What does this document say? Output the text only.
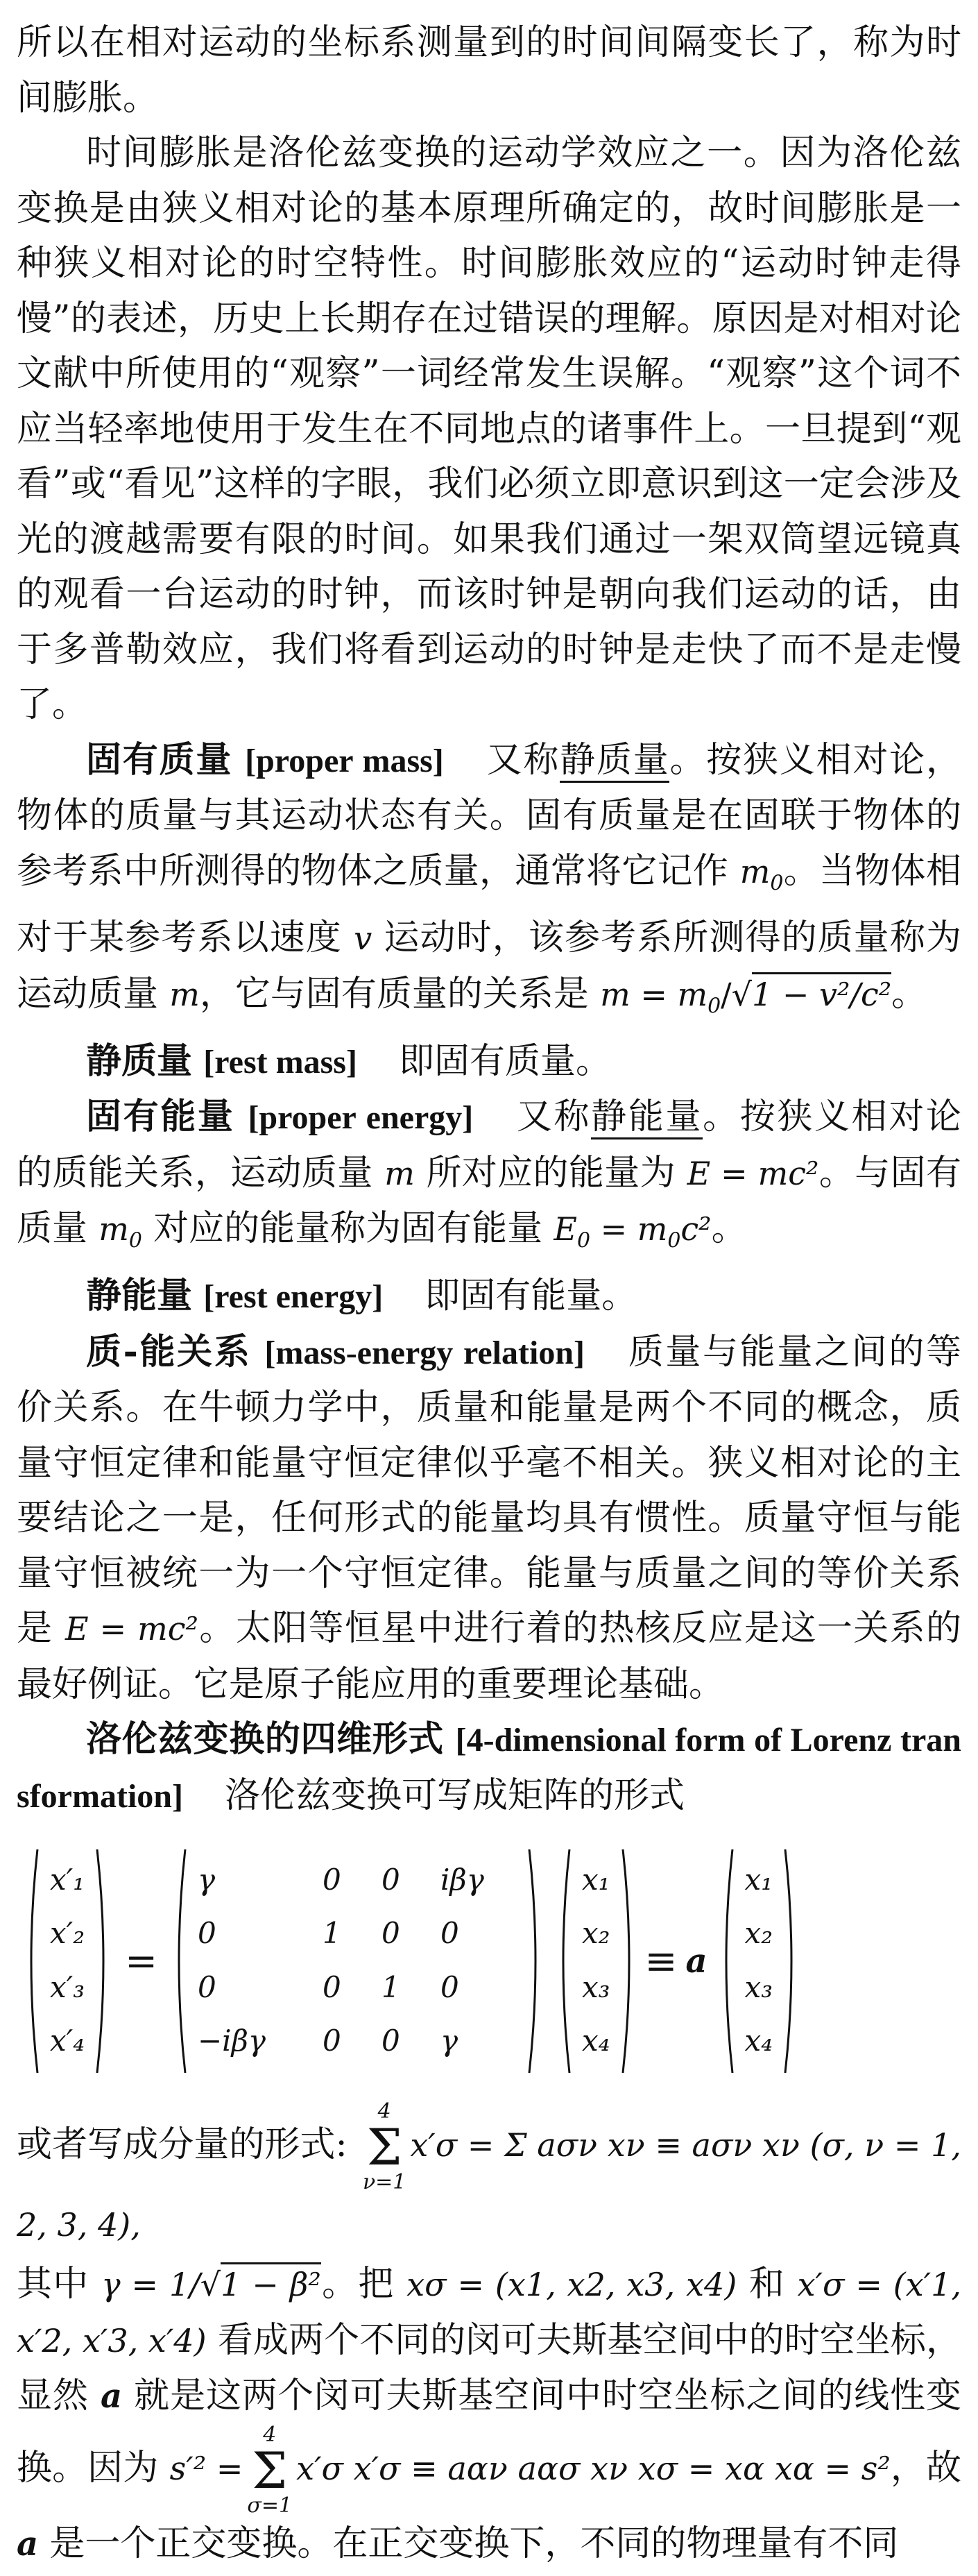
所以在相对运动的坐标系测量到的时间间隔变长了，称为时间膨胀。

时间膨胀是洛伦兹变换的运动学效应之一。因为洛伦兹变换是由狭义相对论的基本原理所确定的，故时间膨胀是一种狭义相对论的时空特性。时间膨胀效应的“运动时钟走得慢”的表述，历史上长期存在过错误的理解。原因是对相对论文献中所使用的“观察”一词经常发生误解。“观察”这个词不应当轻率地使用于发生在不同地点的诸事件上。一旦提到“观看”或“看见”这样的字眼，我们必须立即意识到这一定会涉及光的渡越需要有限的时间。如果我们通过一架双筒望远镜真的观看一台运动的时钟，而该时钟是朝向我们运动的话，由于多普勒效应，我们将看到运动的时钟是走快了而不是走慢了。

固有质量 [proper mass] 又称静质量。按狭义相对论，物体的质量与其运动状态有关。固有质量是在固联于物体的参考系中所测得的物体之质量，通常将它记作 $m_0$。当物体相对于某参考系以速度 v 运动时，该参考系所测得的质量称为运动质量 m，它与固有质量的关系是 $m = m_0/√1 - v^2/c^2$。

静质量 [rest mass] 即固有质量。

固有能量 [proper energy] 又称静能量。按狭义相对论的质能关系，运动质量 m 所对应的能量为 E = mc²。与固有质量 $m_0$ 对应的能量称为固有能量 $E_0 = m_0c^2$。

静能量 [rest energy] 即固有能量。

质-能关系 [mass-energy relation] 质量与能量之间的等价关系。在牛顿力学中，质量和能量是两个不同的概念，质量守恒定律和能量守恒定律似乎毫不相关。狭义相对论的主要结论之一是，任何形式的能量均具有惯性。质量守恒与能量守恒被统一为一个守恒定律。能量与质量之间的等价关系是 E = mc²。太阳等恒星中进行着的热核反应是这一关系的最好例证。它是原子能应用的重要理论基础。

洛伦兹变换的四维形式 [4-dimensional form of Lorenz transformation] 洛伦兹变换可写成矩阵的形式

x′₁
x′₂
x′₃
x′₄
=
γ	0	0	iβγ
0	1	0	0
0	0	1	0
−iβγ	0	0	γ
x₁
x₂
x₃
x₄
≡ a
x₁
x₂
x₃
x₄

或者写成分量的形式:
4
Σ
ν=1
x′σ = Σ aσν xν ≡ aσν xν (σ, ν = 1, 2, 3, 4),

其中 γ = 1/√1 − β²。把 xσ = (x1, x2, x3, x4) 和 x′σ = (x′1, x′2, x′3, x′4) 看成两个不同的闵可夫斯基空间中的时空坐标，显然 a 就是这两个闵可夫斯基空间中时空坐标之间的线性变换。因为 s′² =
4
Σ
σ=1
x′σ x′σ ≡ aαν aασ xν xσ = xα xα = s²，故 a 是一个正交变换。在正交变换下，不同的物理量有不同
